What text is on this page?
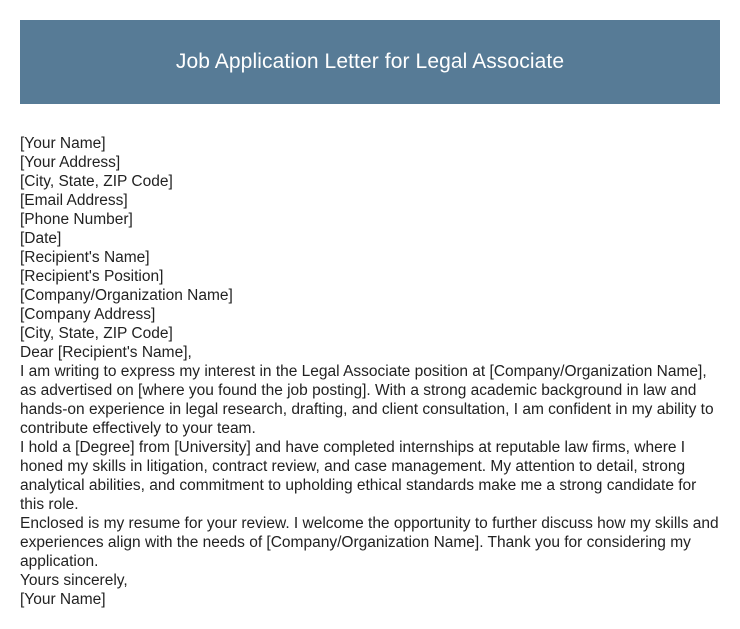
Job Application Letter for Legal Associate
[Your Name]
[Your Address]
[City, State, ZIP Code]
[Email Address]
[Phone Number]
[Date]
[Recipient's Name]
[Recipient's Position]
[Company/Organization Name]
[Company Address]
[City, State, ZIP Code]
Dear [Recipient's Name],
I am writing to express my interest in the Legal Associate position at [Company/Organization Name], as advertised on [where you found the job posting]. With a strong academic background in law and hands-on experience in legal research, drafting, and client consultation, I am confident in my ability to contribute effectively to your team.
I hold a [Degree] from [University] and have completed internships at reputable law firms, where I honed my skills in litigation, contract review, and case management. My attention to detail, strong analytical abilities, and commitment to upholding ethical standards make me a strong candidate for this role.
Enclosed is my resume for your review. I welcome the opportunity to further discuss how my skills and experiences align with the needs of [Company/Organization Name]. Thank you for considering my application.
Yours sincerely,
[Your Name]
